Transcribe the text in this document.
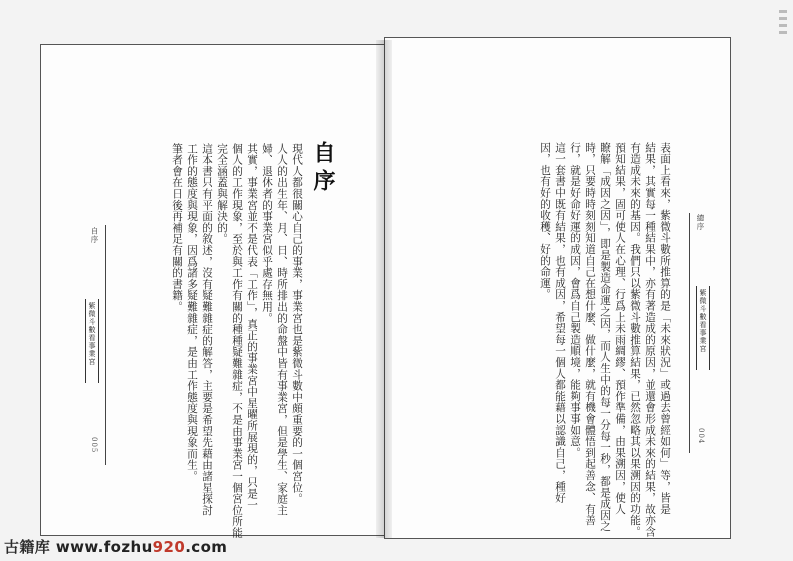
自序
紫微斗數看事業宮
005
自序
現代人都很關心自己的事業，事業宮也是紫微斗數中頗重要的一個宮位。
人人的出生年、月、日、時所排出的命盤中皆有事業宮，但是學生、家庭主
婦、退休者的事業宮似乎處存無用。
其實，事業宮並不是代表「工作」，真正的事業宮中星曜所展現的，只是一
個人的工作現象，至於與工作有關的種種疑難雜症，不是由事業宮一個宮位所能
完全涵蓋與解決的。
這本書只有平面的敘述，沒有疑難雜症的解答，主要是希望先藉由諸星探討
工作的態度與現象，因爲諸多疑難雜症，是由工作態度與現象而生。
筆者會在日後再補足有關的書籍。	總序
紫微斗數看事業宮
004
表面上看來，紫微斗數所推算的是「未來狀況」或過去曾經如何」等，皆是
結果，其實每一種結果中，亦有著造成的原因，並還會形成未來的結果，故亦含
有造成未來的基因。我們只以紫微斗數推算結果，已然忽略其以果溯因的功能。
預知結果，固可使人在心理、行爲上未雨綢繆、預作準備，由果溯因，使人
瞭解「成因之因」，即是製造命運之因，而人生中的每一分每一秒，都是成因之
時，只要時時刻刻知道自己在想什麼、做什麼，就有機會體悟到起善念、有善
行，就是好命好運的成因，會爲自己製造順境，能夠事事如意。
這一套書中既有結果，也有成因，希望每一個人都能藉以認識自己，種好
因，也有好的收穫、好的命運。
古籍库 www.fozhu920.com
